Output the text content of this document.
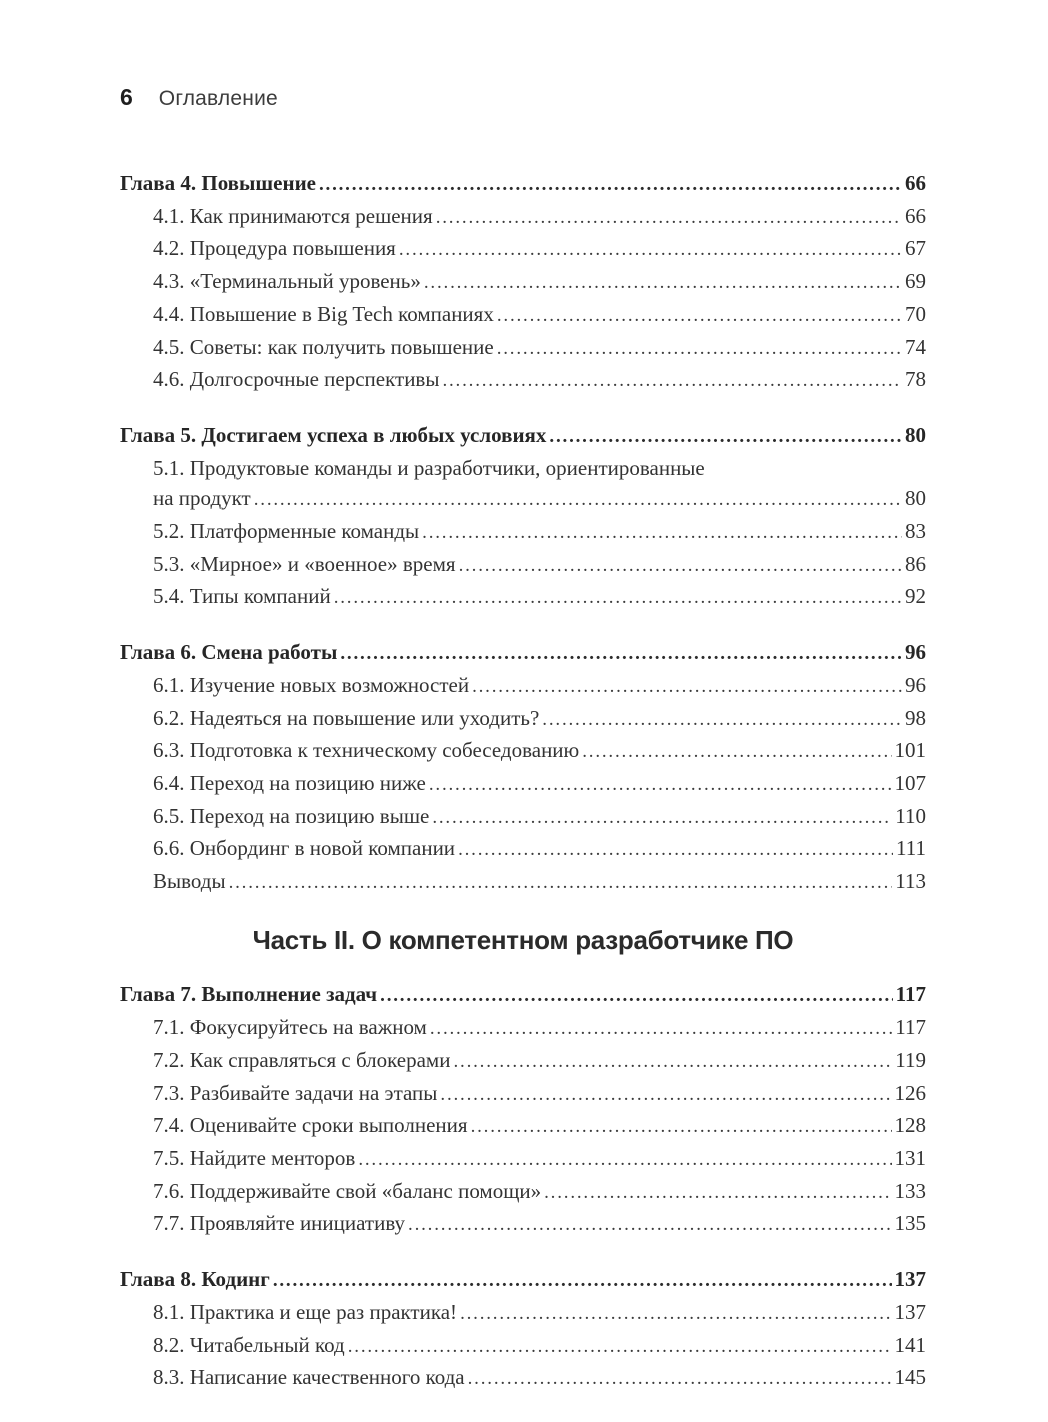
6 Оглавление
Глава 4. Повышение .....	66
4.1. Как принимаются решения .....	66
4.2. Процедура повышения .....	67
4.3. «Терминальный уровень» .....	69
4.4. Повышение в Big Tech компаниях .....	70
4.5. Советы: как получить повышение .....	74
4.6. Долгосрочные перспективы .....	78
Глава 5. Достигаем успеха в любых условиях .....	80
5.1. Продуктовые команды и разработчики, ориентированные
на продукт .....	80
5.2. Платформенные команды .....	83
5.3. «Мирное» и «военное» время .....	86
5.4. Типы компаний .....	92
Глава 6. Смена работы .....	96
6.1. Изучение новых возможностей .....	96
6.2. Надеяться на повышение или уходить? .....	98
6.3. Подготовка к техническому собеседованию .....	101
6.4. Переход на позицию ниже .....	107
6.5. Переход на позицию выше .....	110
6.6. Онбординг в новой компании .....	111
Выводы .....	113
Часть II. О компетентном разработчике ПО
Глава 7. Выполнение задач .....	117
7.1. Фокусируйтесь на важном .....	117
7.2. Как справляться с блокерами .....	119
7.3. Разбивайте задачи на этапы .....	126
7.4. Оценивайте сроки выполнения .....	128
7.5. Найдите менторов .....	131
7.6. Поддерживайте свой «баланс помощи» .....	133
7.7. Проявляйте инициативу .....	135
Глава 8. Кодинг .....	137
8.1. Практика и еще раз практика! .....	137
8.2. Читабельный код .....	141
8.3. Написание качественного кода .....	145
